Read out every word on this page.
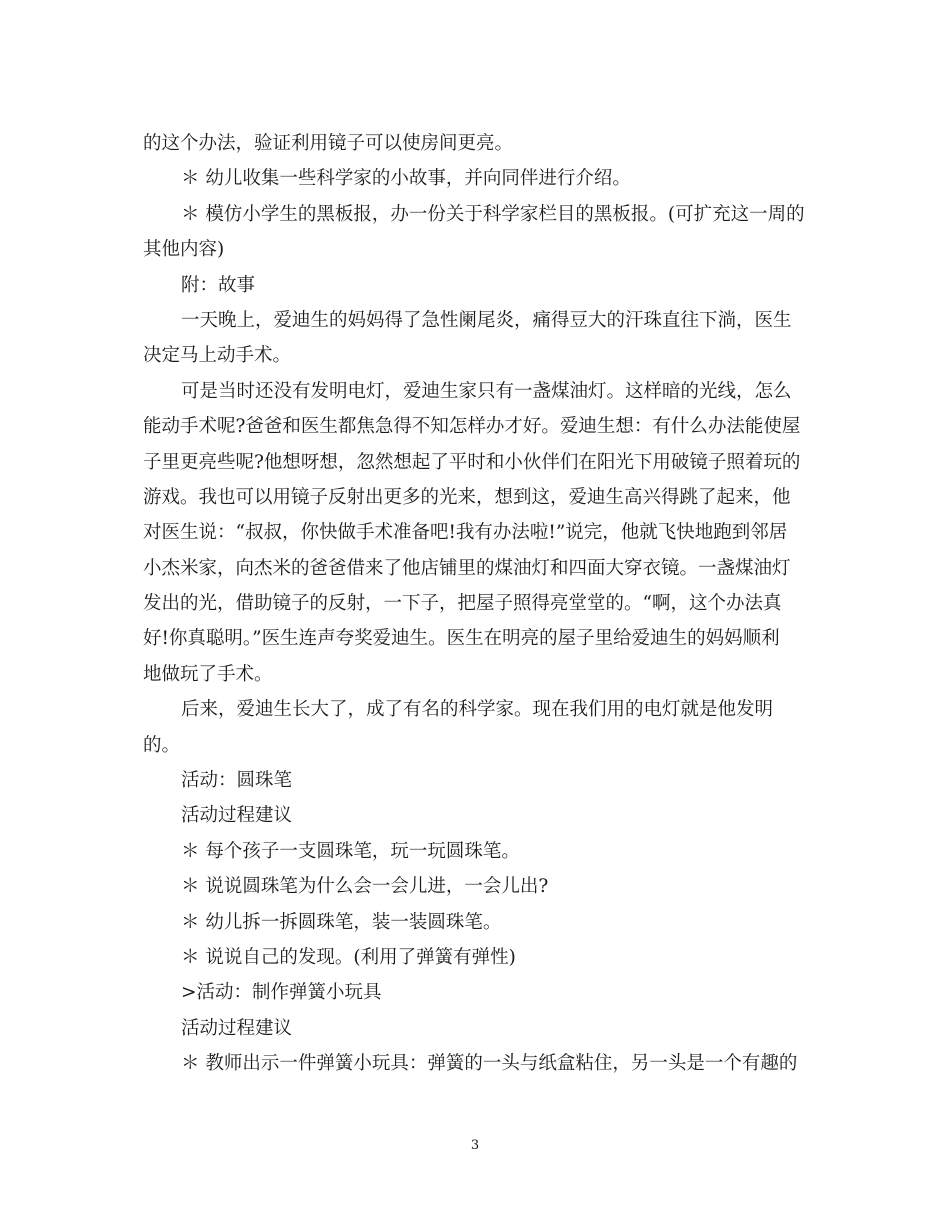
的这个办法，验证利用镜子可以使房间更亮。
＊ 幼儿收集一些科学家的小故事，并向同伴进行介绍。
＊ 模仿小学生的黑板报，办一份关于科学家栏目的黑板报。(可扩充这一周的
其他内容)
附：故事
一天晚上，爱迪生的妈妈得了急性阑尾炎，痛得豆大的汗珠直往下淌，医生
决定马上动手术。
可是当时还没有发明电灯，爱迪生家只有一盏煤油灯。这样暗的光线，怎么
能动手术呢?爸爸和医生都焦急得不知怎样办才好。爱迪生想：有什么办法能使屋
子里更亮些呢?他想呀想，忽然想起了平时和小伙伴们在阳光下用破镜子照着玩的
游戏。我也可以用镜子反射出更多的光来，想到这，爱迪生高兴得跳了起来，他
对医生说：“叔叔，你快做手术准备吧!我有办法啦!”说完，他就飞快地跑到邻居
小杰米家，向杰米的爸爸借来了他店铺里的煤油灯和四面大穿衣镜。一盏煤油灯
发出的光，借助镜子的反射，一下子，把屋子照得亮堂堂的。“啊，这个办法真
好!你真聪明。”医生连声夸奖爱迪生。医生在明亮的屋子里给爱迪生的妈妈顺利
地做玩了手术。
后来，爱迪生长大了，成了有名的科学家。现在我们用的电灯就是他发明
的。
活动：圆珠笔
活动过程建议
＊ 每个孩子一支圆珠笔，玩一玩圆珠笔。
＊ 说说圆珠笔为什么会一会儿进，一会儿出?
＊ 幼儿拆一拆圆珠笔，装一装圆珠笔。
＊ 说说自己的发现。(利用了弹簧有弹性)
>活动：制作弹簧小玩具
活动过程建议
＊ 教师出示一件弹簧小玩具：弹簧的一头与纸盒粘住，另一头是一个有趣的
3
